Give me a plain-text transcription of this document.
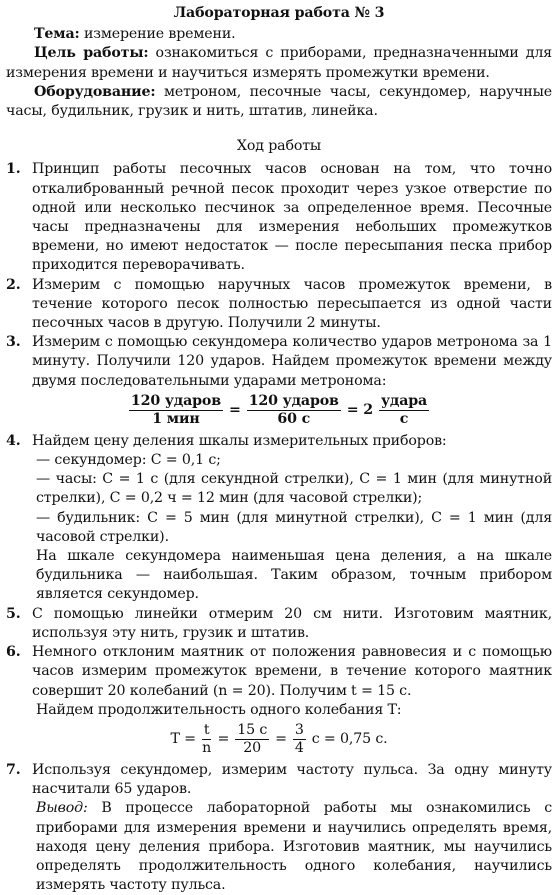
Лабораторная работа № 3

Тема: измерение времени.

Цель работы: ознакомиться с приборами, предназначенными для измерения времени и научиться измерять промежутки времени.

Оборудование: метроном, песочные часы, секундомер, наручные часы, будильник, грузик и нить, штатив, линейка.

Ход работы

1. Принцип работы песочных часов основан на том, что точно откалиброванный речной песок проходит через узкое отверстие по одной или несколько песчинок за определенное время. Песочные часы предназначены для измерения небольших промежутков времени, но имеют недостаток — после пересыпания песка прибор приходится переворачивать.
2. Измерим с помощью наручных часов промежуток времени, в течение которого песок полностью пересыпается из одной части песочных часов в другую. Получили 2 минуты.
3. Измерим с помощью секундомера количество ударов метронома за 1 минуту. Получили 120 ударов. Найдем промежуток времени между двумя последовательными ударами метронома:
$\frac{\text{120 ударов}}{\text{1 мин}} = \frac{\text{120 ударов}}{60 с} = 2 \frac{\text{удара}}{с}$
4. Найдем цену деления шкалы измерительных приборов:

— секундомер: С = 0,1 с;

— часы: С = 1 с (для секундной стрелки), С = 1 мин (для минутной стрелки), С = 0,2 ч = 12 мин (для часовой стрелки);

— будильник: С = 5 мин (для минутной стрелки), С = 1 мин (для часовой стрелки).

На шкале секундомера наименьшая цена деления, а на шкале будильника — наибольшая. Таким образом, точным прибором является секундомер.

5. С помощью линейки отмерим 20 см нити. Изготовим маятник, используя эту нить, грузик и штатив.
6. Немного отклоним маятник от положения равновесия и с помощью часов измерим промежуток времени, в течение которого маятник совершит 20 колебаний (n = 20). Получим t = 15 с.

Найдем продолжительность одного колебания Т:

$Т = \frac{t}{n} = \frac{15 с}{20} = \frac{3}{4}$ с = 0,75 с.
7. Используя секундомер, измерим частоту пульса. За одну минуту насчитали 65 ударов.

Вывод: В процессе лабораторной работы мы ознакомились с приборами для измерения времени и научились определять время, находя цену деления прибора. Изготовив маятник, мы научились определять продолжительность одного колебания, научились измерять частоту пульса.
